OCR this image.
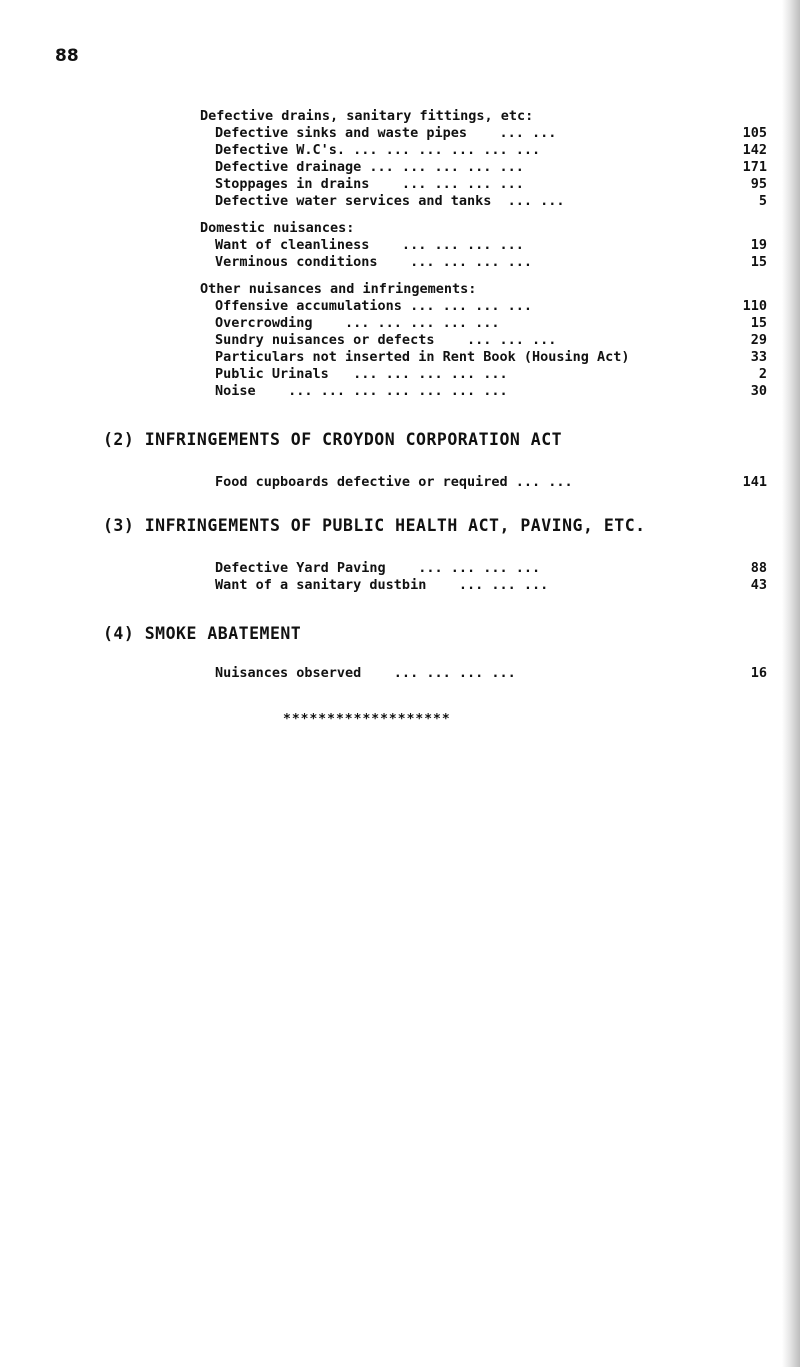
88
Defective drains, sanitary fittings, etc:
Defective sinks and waste pipes    ... ...	105
Defective W.C's. ... ... ... ... ... ...	142
Defective drainage ... ... ... ... ...	171
Stoppages in drains    ... ... ... ...	95
Defective water services and tanks  ... ...	5
Domestic nuisances:
Want of cleanliness    ... ... ... ...	19
Verminous conditions    ... ... ... ...	15
Other nuisances and infringements:
Offensive accumulations ... ... ... ...	110
Overcrowding    ... ... ... ... ...	15
Sundry nuisances or defects    ... ... ...	29
Particulars not inserted in Rent Book (Housing Act)	33
Public Urinals   ... ... ... ... ...	2
Noise    ... ... ... ... ... ... ...	30
(2) INFRINGEMENTS OF CROYDON CORPORATION ACT
Food cupboards defective or required ... ...	141
(3) INFRINGEMENTS OF PUBLIC HEALTH ACT, PAVING, ETC.
Defective Yard Paving    ... ... ... ...	88
Want of a sanitary dustbin    ... ... ...	43
(4) SMOKE ABATEMENT
Nuisances observed    ... ... ... ...	16
*******************
